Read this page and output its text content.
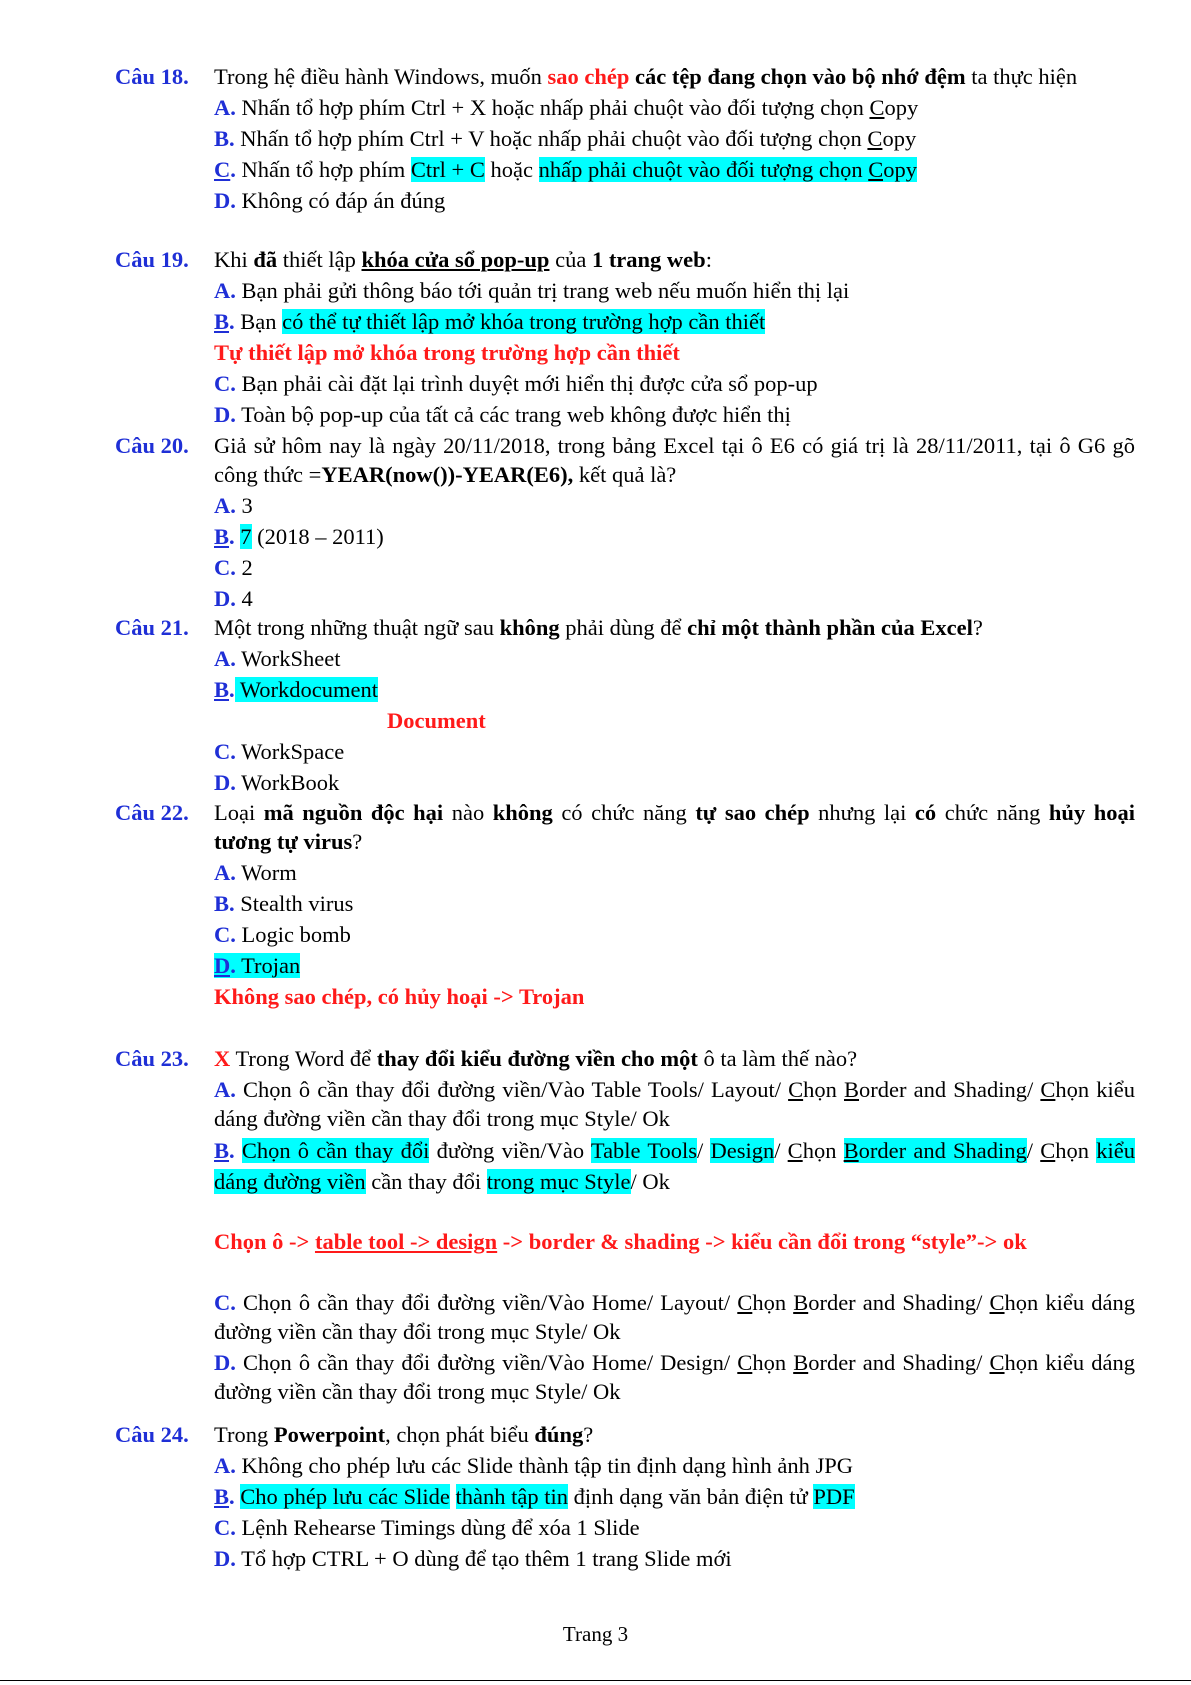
Câu 18.	Trong hệ điều hành Windows, muốn sao chép các tệp đang chọn vào bộ nhớ đệm ta thực hiện
A. Nhấn tổ hợp phím Ctrl + X hoặc nhấp phải chuột vào đối tượng chọn Copy
B. Nhấn tổ hợp phím Ctrl + V hoặc nhấp phải chuột vào đối tượng chọn Copy
C. Nhấn tổ hợp phím Ctrl + C hoặc nhấp phải chuột vào đối tượng chọn Copy
D. Không có đáp án đúng
Câu 19.	Khi đã thiết lập khóa cửa sổ pop-up của 1 trang web:
A. Bạn phải gửi thông báo tới quản trị trang web nếu muốn hiển thị lại
B. Bạn có thể tự thiết lập mở khóa trong trường hợp cần thiết
Tự thiết lập mở khóa trong trường hợp cần thiết
C. Bạn phải cài đặt lại trình duyệt mới hiển thị được cửa sổ pop-up
D. Toàn bộ pop-up của tất cả các trang web không được hiển thị
Câu 20.	Giả sử hôm nay là ngày 20/11/2018, trong bảng Excel tại ô E6 có giá trị là 28/11/2011, tại ô G6 gõ công thức =YEAR(now())-YEAR(E6), kết quả là?
A. 3
B. 7 (2018 – 2011)
C. 2
D. 4
Câu 21.	Một trong những thuật ngữ sau không phải dùng để chỉ một thành phần của Excel?
A. WorkSheet
B. Workdocument
Document
C. WorkSpace
D. WorkBook
Câu 22.	Loại mã nguồn độc hại nào không có chức năng tự sao chép nhưng lại có chức năng hủy hoại tương tự virus?
A. Worm
B. Stealth virus
C. Logic bomb
D. Trojan
Không sao chép, có hủy hoại -> Trojan
Câu 23.	X Trong Word để thay đổi kiểu đường viền cho một ô ta làm thế nào?
A. Chọn ô cần thay đổi đường viền/Vào Table Tools/ Layout/ Chọn Border and Shading/ Chọn kiểu dáng đường viền cần thay đổi trong mục Style/ Ok
B. Chọn ô cần thay đổi đường viền/Vào Table Tools/ Design/ Chọn Border and Shading/ Chọn kiểu dáng đường viền cần thay đổi trong mục Style/ Ok
Chọn ô -> table tool -> design -> border & shading -> kiểu cần đổi trong “style”-> ok
C. Chọn ô cần thay đổi đường viền/Vào Home/ Layout/ Chọn Border and Shading/ Chọn kiểu dáng đường viền cần thay đổi trong mục Style/ Ok
D. Chọn ô cần thay đổi đường viền/Vào Home/ Design/ Chọn Border and Shading/ Chọn kiểu dáng đường viền cần thay đổi trong mục Style/ Ok
Câu 24.	Trong Powerpoint, chọn phát biểu đúng?
A. Không cho phép lưu các Slide thành tập tin định dạng hình ảnh JPG
B. Cho phép lưu các Slide thành tập tin định dạng văn bản điện tử PDF
C. Lệnh Rehearse Timings dùng để xóa 1 Slide
D. Tổ hợp CTRL + O dùng để tạo thêm 1 trang Slide mới
Trang 3
